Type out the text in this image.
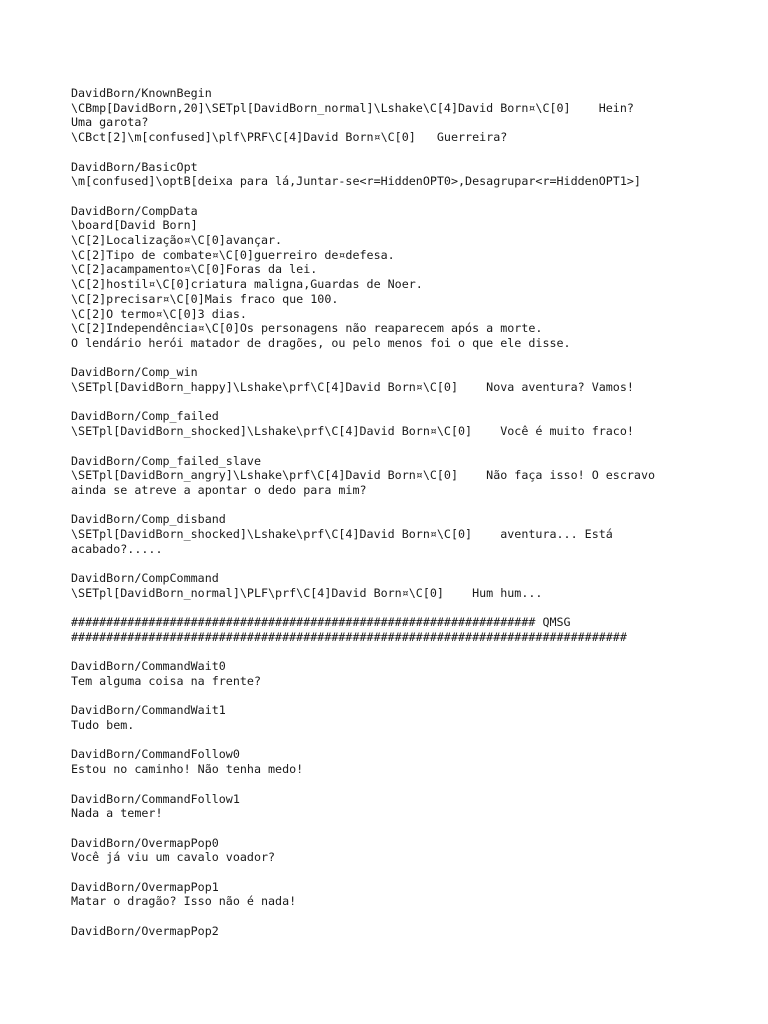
DavidBorn/KnownBegin
\CBmp[DavidBorn,20]\SETpl[DavidBorn_normal]\Lshake\C[4]David Born¤\C[0]    Hein?
Uma garota?
\CBct[2]\m[confused]\plf\PRF\C[4]David Born¤\C[0]   Guerreira?
DavidBorn/BasicOpt
\m[confused]\optB[deixa para lá,Juntar-se<r=HiddenOPT0>,Desagrupar<r=HiddenOPT1>]
DavidBorn/CompData
\board[David Born]
\C[2]Localização¤\C[0]avançar.
\C[2]Tipo de combate¤\C[0]guerreiro de¤defesa.
\C[2]acampamento¤\C[0]Foras da lei.
\C[2]hostil¤\C[0]criatura maligna,Guardas de Noer.
\C[2]precisar¤\C[0]Mais fraco que 100.
\C[2]O termo¤\C[0]3 dias.
\C[2]Independência¤\C[0]Os personagens não reaparecem após a morte.
O lendário herói matador de dragões, ou pelo menos foi o que ele disse.
DavidBorn/Comp_win
\SETpl[DavidBorn_happy]\Lshake\prf\C[4]David Born¤\C[0]    Nova aventura? Vamos!
DavidBorn/Comp_failed
\SETpl[DavidBorn_shocked]\Lshake\prf\C[4]David Born¤\C[0]    Você é muito fraco!
DavidBorn/Comp_failed_slave
\SETpl[DavidBorn_angry]\Lshake\prf\C[4]David Born¤\C[0]    Não faça isso! O escravo
ainda se atreve a apontar o dedo para mim?
DavidBorn/Comp_disband
\SETpl[DavidBorn_shocked]\Lshake\prf\C[4]David Born¤\C[0]    aventura... Está
acabado?.....
DavidBorn/CompCommand
\SETpl[DavidBorn_normal]\PLF\prf\C[4]David Born¤\C[0]    Hum hum...
################################################################## QMSG
###############################################################################
DavidBorn/CommandWait0
Tem alguma coisa na frente?
DavidBorn/CommandWait1
Tudo bem.
DavidBorn/CommandFollow0
Estou no caminho! Não tenha medo!
DavidBorn/CommandFollow1
Nada a temer!
DavidBorn/OvermapPop0
Você já viu um cavalo voador?
DavidBorn/OvermapPop1
Matar o dragão? Isso não é nada!
DavidBorn/OvermapPop2
